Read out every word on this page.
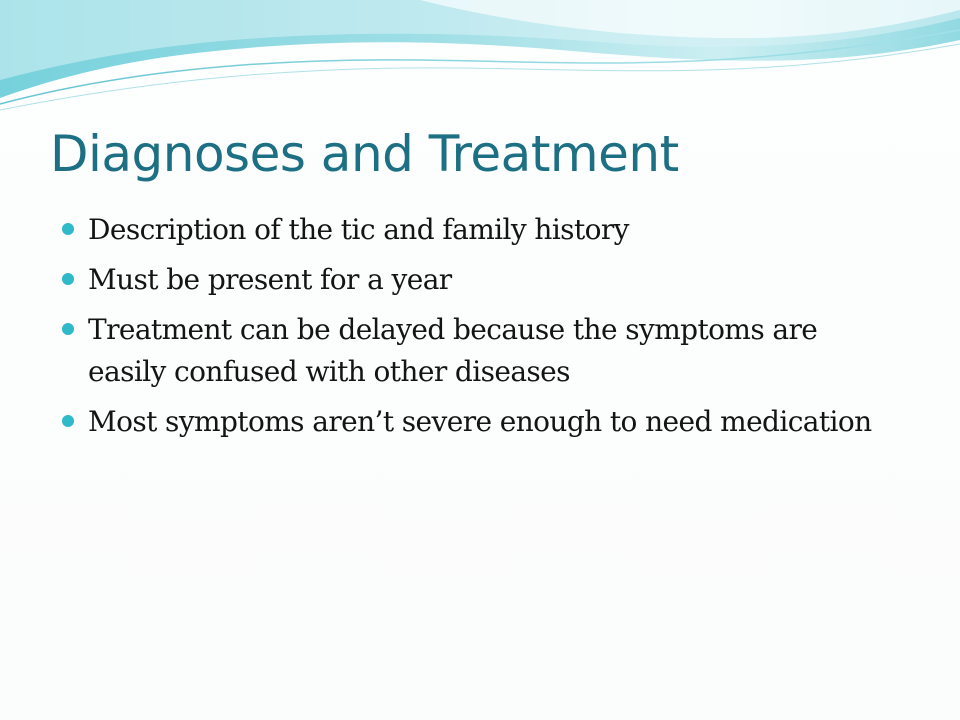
Diagnoses and Treatment
Description of the tic and family history
Must be present for a year
Treatment can be delayed because the symptoms are easily confused with other diseases
Most symptoms aren’t severe enough to need medication
